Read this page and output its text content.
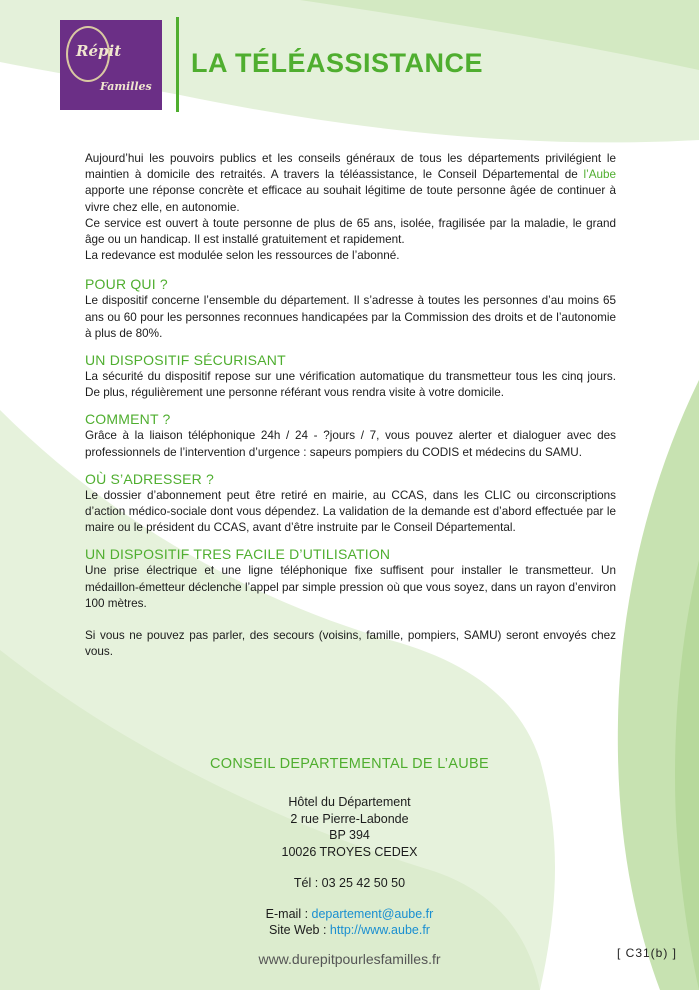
Répit
Familles
LA TÉLÉASSISTANCE

Aujourd’hui les pouvoirs publics et les conseils généraux de tous les départements privilégient le maintien à domicile des retraités. A travers la téléassistance, le Conseil Départemental de l’Aube apporte une réponse concrète et efficace au souhait légitime de toute personne âgée de continuer à vivre chez elle, en autonomie.

Ce service est ouvert à toute personne de plus de 65 ans, isolée, fragilisée par la maladie, le grand âge ou un handicap. Il est installé gratuitement et rapidement.

La redevance est modulée selon les ressources de l’abonné.

POUR QUI ?

Le dispositif concerne l’ensemble du département. Il s’adresse à toutes les personnes d’au moins 65 ans ou 60 pour les personnes reconnues handicapées par la Commission des droits et de l’autonomie à plus de 80%.

UN DISPOSITIF SÉCURISANT

La sécurité du dispositif repose sur une vérification automatique du transmetteur tous les cinq jours. De plus, régulièrement une personne référant vous rendra visite à votre domicile.

COMMENT ?

Grâce à la liaison téléphonique 24h / 24 - ?jours / 7, vous pouvez alerter et dialoguer avec des professionnels de l’intervention d’urgence : sapeurs pompiers du CODIS et médecins du SAMU.

OÙ S’ADRESSER ?

Le dossier d’abonnement peut être retiré en mairie, au CCAS, dans les CLIC ou circonscriptions d’action médico-sociale dont vous dépendez. La validation de la demande est d’abord effectuée par le maire ou le président du CCAS, avant d’être instruite par le Conseil Départemental.

UN DISPOSITIF TRES FACILE D’UTILISATION

Une prise électrique et une ligne téléphonique fixe suffisent pour installer le transmetteur. Un médaillon-émetteur déclenche l’appel par simple pression où que vous soyez, dans un rayon d’environ 100 mètres.

Si vous ne pouvez pas parler, des secours (voisins, famille, pompiers, SAMU) seront envoyés chez vous.

CONSEIL DEPARTEMENTAL DE L’AUBE
Hôtel du Département
2 rue Pierre-Labonde
BP 394
10026 TROYES CEDEX
Tél : 03 25 42 50 50
E-mail : departement@aube.fr
Site Web : http://www.aube.fr
www.durepitpourlesfamilles.fr	[ C31(b) ]
